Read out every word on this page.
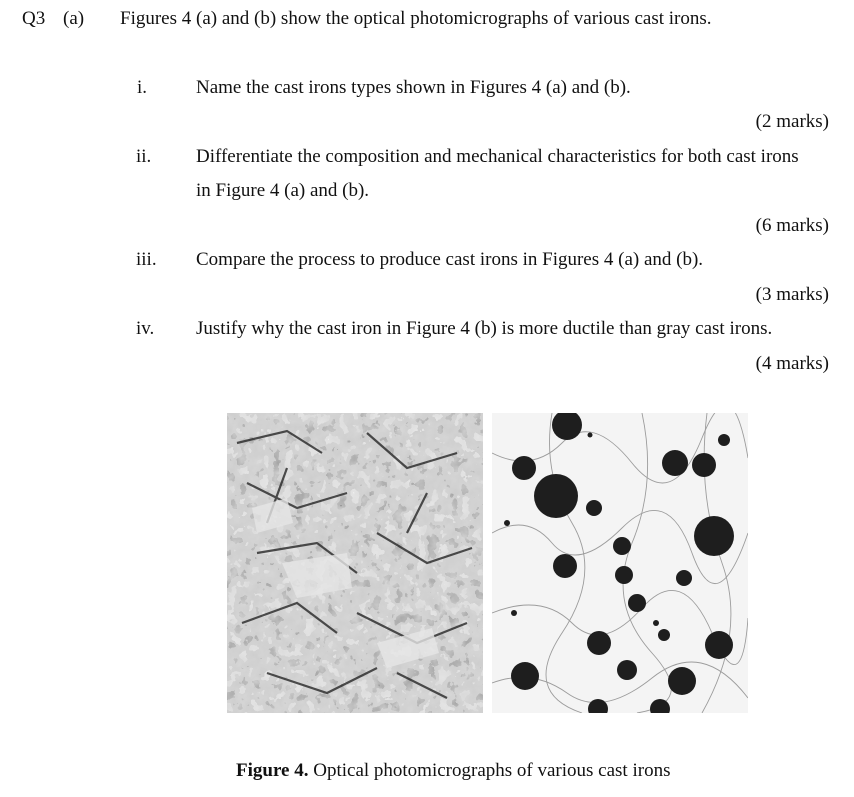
Q3 (a) Figures 4 (a) and (b) show the optical photomicrographs of various cast irons.
i.	Name the cast irons types shown in Figures 4 (a) and (b).
(2 marks)
ii. Differentiate the composition and mechanical characteristics for both cast irons
in Figure 4 (a) and (b).
(6 marks)
iii. Compare the process to produce cast irons in Figures 4 (a) and (b).
(3 marks)
iv. Justify why the cast iron in Figure 4 (b) is more ductile than gray cast irons.
(4 marks)
Figure 4. Optical photomicrographs of various cast irons
